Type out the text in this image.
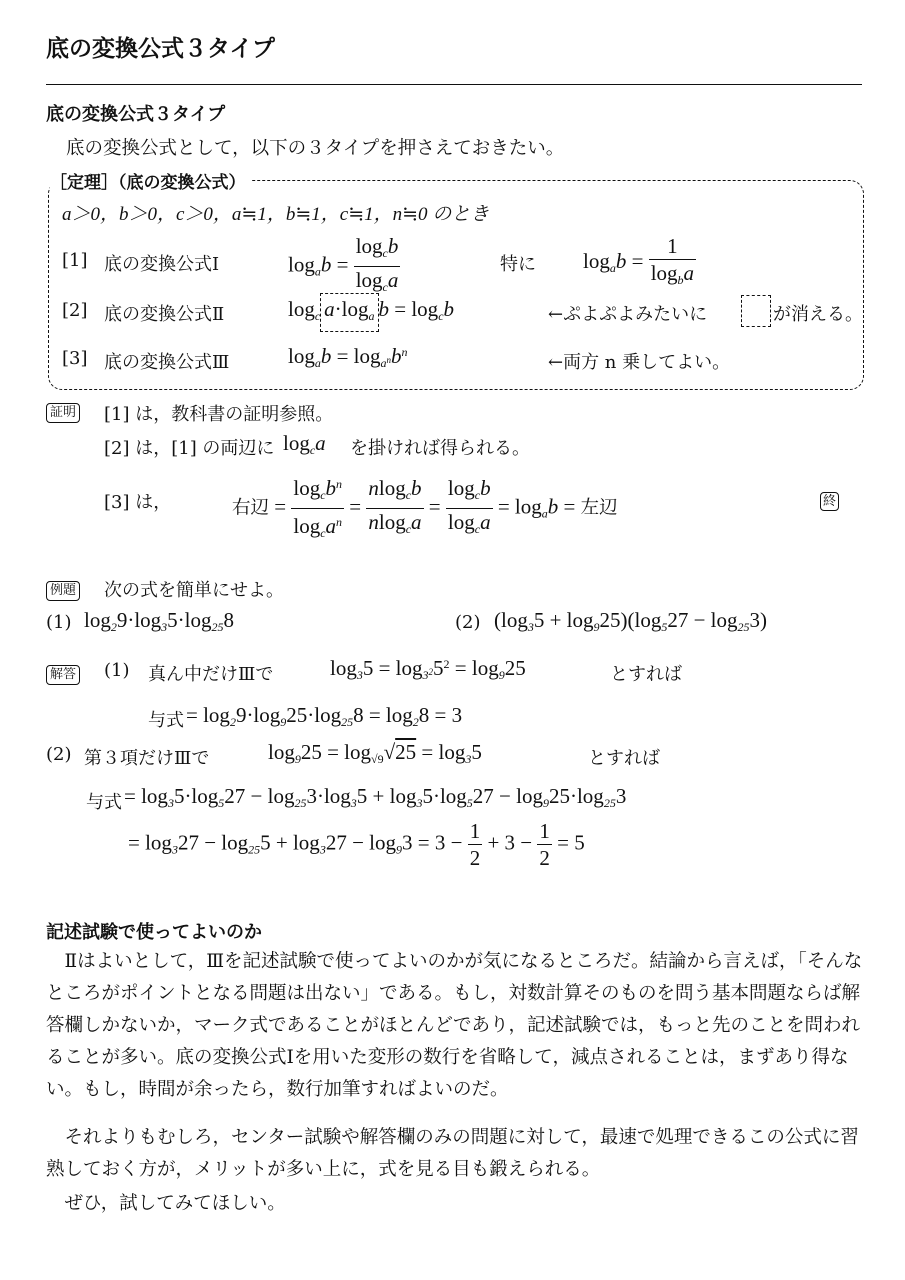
底の変換公式３タイプ
底の変換公式３タイプ
底の変換公式として，以下の３タイプを押さえておきたい。
［定理］（底の変換公式）
a＞0，b＞0，c＞0，a≒1，b≒1，c≒1，n≒0 のとき
[1] 底の変換公式Ⅰ	$\log_ab = \frac{\log_cb}{\log_ca}$	特に $\log_ab = \frac{1}{\log_ba}$
[2] 底の変換公式Ⅱ	$\log_c a\cdot\log_a$ $b = \log_cb$	←ぷよぷよみたいに	が消える。
[3] 底の変換公式Ⅲ	$\log_ab = \log_{a^n}b^n$	←両方 n 乗してよい。
証明 [1] は，教科書の証明参照。
[2] は，[1] の両辺に $\log_ca$ を掛ければ得られる。
[3] は，	右辺 = $\frac{\log_cb^n}{\log_ca^n} = \frac{nlog_cb}{nlog_ca} = \frac{\log_cb}{\log_ca} = \log_ab$ = 左辺	終
例題 次の式を簡単にせよ。
(1) $\log_29\cdot\log_35\cdot\log_{25}8$	(2) $(\log_35 + \log_925)(\log_527 - \log_{25}3)$
解答 (1) 真ん中だけⅢで	$\log_35 = \log_{3^2}5^2 = \log_925$	とすれば
与式 = $\log_29\cdot\log_925\cdot\log_{25}8 = \log_28 = 3$
(2) 第３項だけⅢで	$\log_925 = \log_{√9}√25 = \log_35$	とすれば
与式 = $\log_35\cdot\log_527 - \log_{25}3\cdot\log_35 + \log_35\cdot\log_527 - \log_925\cdot\log_{25}3$
= $\log_327 - \log_{25}5 + \log_327 - \log_93 = 3 - \frac{1}{2} + 3 - \frac{1}{2} = 5$
記述試験で使ってよいのか
　Ⅱはよいとして，Ⅲを記述試験で使ってよいのかが気になるところだ。結論から言えば，「そんなところがポイントとなる問題は出ない」である。もし，対数計算そのものを問う基本問題ならば解答欄しかないか，マーク式であることがほとんどであり，記述試験では，もっと先のことを問われることが多い。底の変換公式Ⅰを用いた変形の数行を省略して，減点されることは，まずあり得ない。もし，時間が余ったら，数行加筆すればよいのだ。
　それよりもむしろ，センター試験や解答欄のみの問題に対して，最速で処理できるこの公式に習熟しておく方が，メリットが多い上に，式を見る目も鍛えられる。
　ぜひ，試してみてほしい。
